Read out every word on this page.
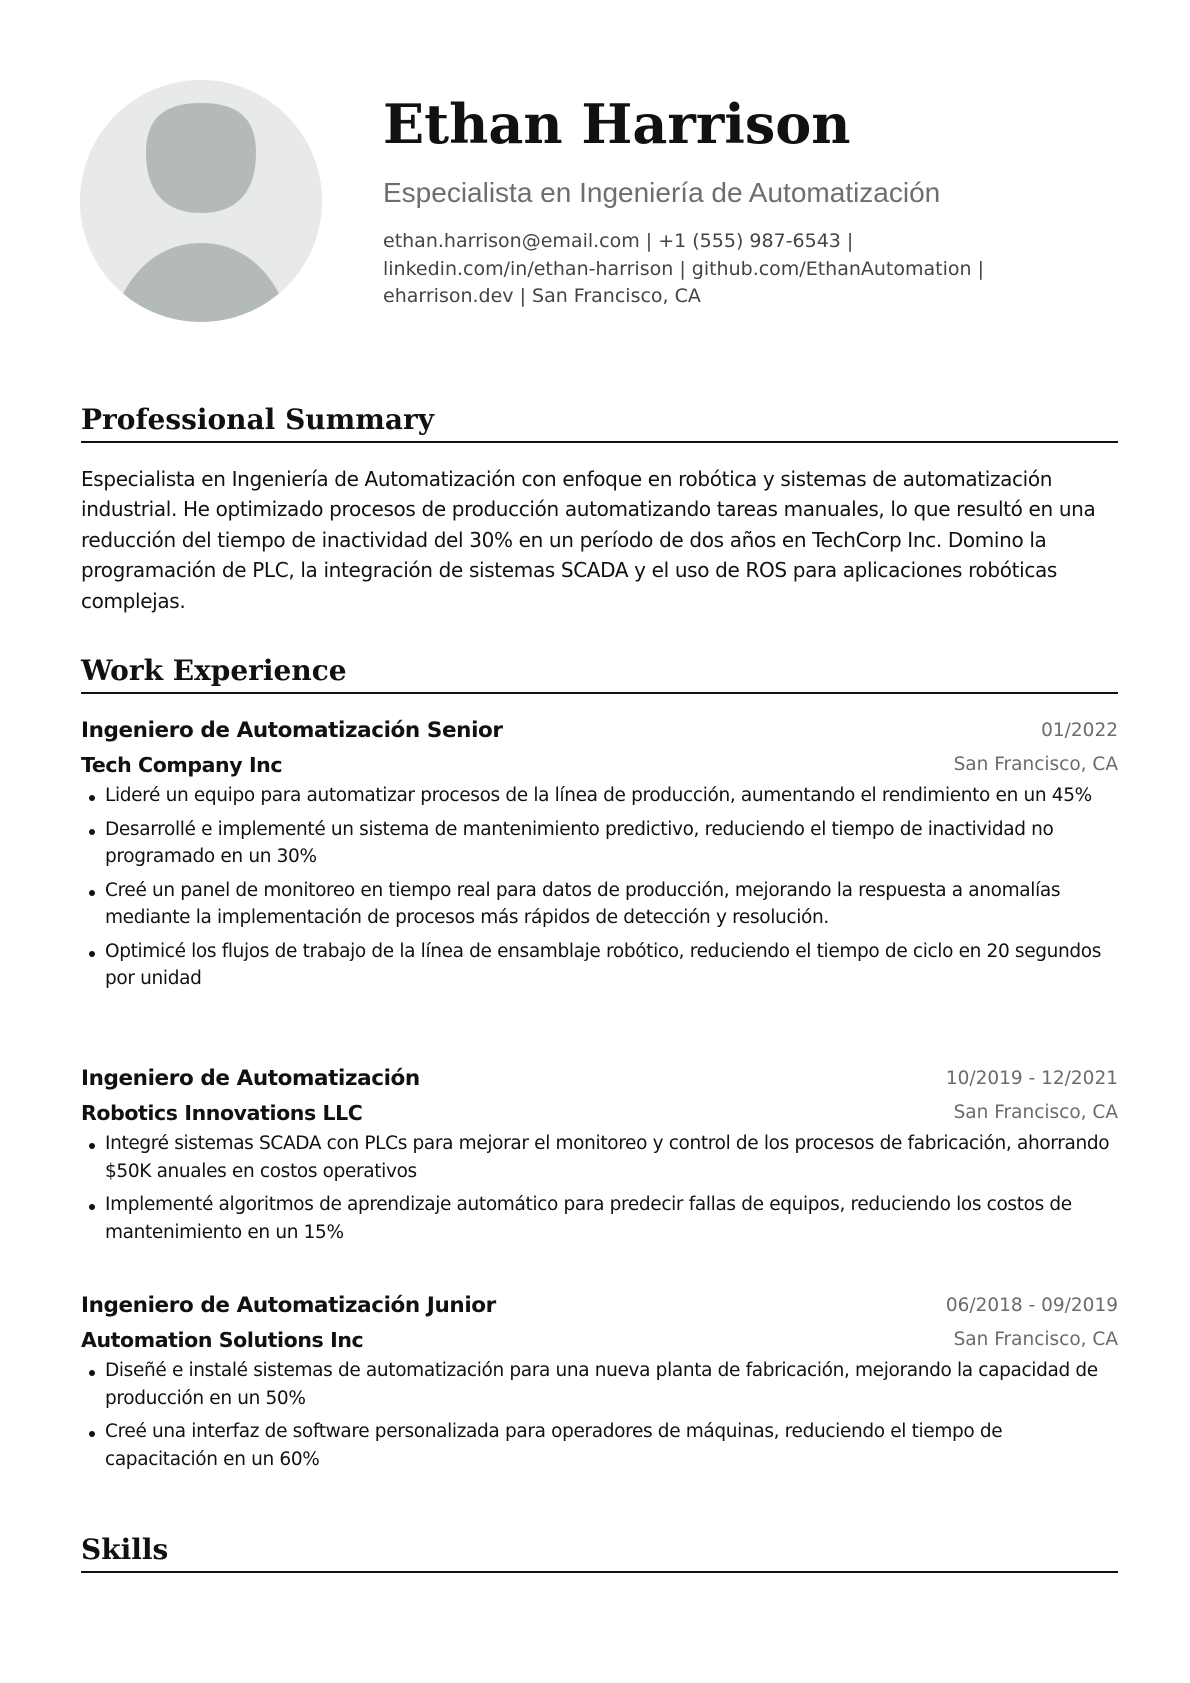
Ethan Harrison
Especialista en Ingeniería de Automatización
ethan.harrison@email.com | +1 (555) 987-6543 |
linkedin.com/in/ethan-harrison | github.com/EthanAutomation |
eharrison.dev | San Francisco, CA
Professional Summary

Especialista en Ingeniería de Automatización con enfoque en robótica y sistemas de automatización industrial. He optimizado procesos de producción automatizando tareas manuales, lo que resultó en una reducción del tiempo de inactividad del 30% en un período de dos años en TechCorp Inc. Domino la programación de PLC, la integración de sistemas SCADA y el uso de ROS para aplicaciones robóticas complejas.

Work Experience
Ingeniero de Automatización Senior	01/2022
Tech Company Inc	San Francisco, CA
Lideré un equipo para automatizar procesos de la línea de producción, aumentando el rendimiento en un 45%
Desarrollé e implementé un sistema de mantenimiento predictivo, reduciendo el tiempo de inactividad no programado en un 30%
Creé un panel de monitoreo en tiempo real para datos de producción, mejorando la respuesta a anomalías mediante la implementación de procesos más rápidos de detección y resolución.
Optimicé los flujos de trabajo de la línea de ensamblaje robótico, reduciendo el tiempo de ciclo en 20 segundos por unidad
Ingeniero de Automatización	10/2019 - 12/2021
Robotics Innovations LLC	San Francisco, CA
Integré sistemas SCADA con PLCs para mejorar el monitoreo y control de los procesos de fabricación, ahorrando $50K anuales en costos operativos
Implementé algoritmos de aprendizaje automático para predecir fallas de equipos, reduciendo los costos de mantenimiento en un 15%
Ingeniero de Automatización Junior	06/2018 - 09/2019
Automation Solutions Inc	San Francisco, CA
Diseñé e instalé sistemas de automatización para una nueva planta de fabricación, mejorando la capacidad de producción en un 50%
Creé una interfaz de software personalizada para operadores de máquinas, reduciendo el tiempo de capacitación en un 60%
Skills
